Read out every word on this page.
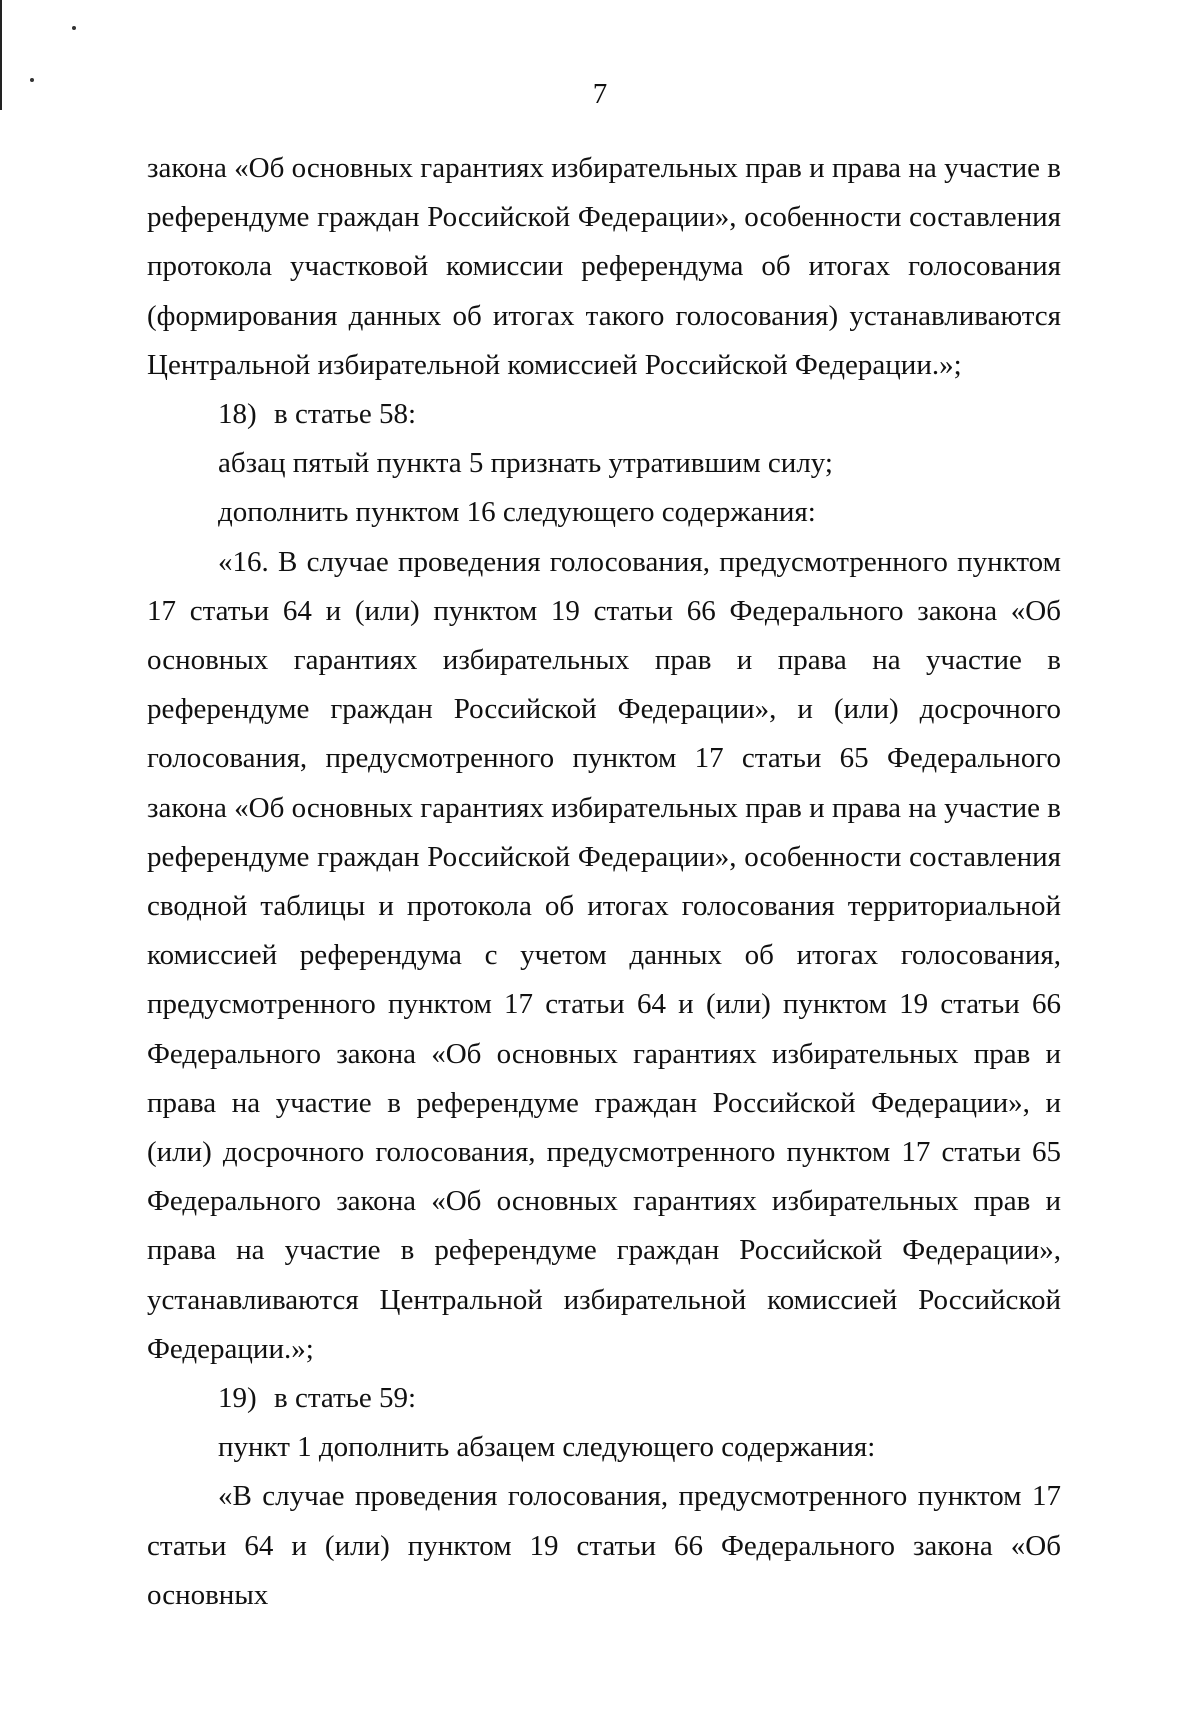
7

закона «Об основных гарантиях избирательных прав и права на участие в референдуме граждан Российской Федерации», особенности составления протокола участковой комиссии референдума об итогах голосования (формирования данных об итогах такого голосования) устанавливаются Центральной избирательной комиссией Российской Федерации.»;

18) в статье 58:

абзац пятый пункта 5 признать утратившим силу;

дополнить пунктом 16 следующего содержания:

«16. В случае проведения голосования, предусмотренного пунктом 17 статьи 64 и (или) пунктом 19 статьи 66 Федерального закона «Об основных гарантиях избирательных прав и права на участие в референдуме граждан Российской Федерации», и (или) досрочного голосования, предусмотренного пунктом 17 статьи 65 Федерального закона «Об основных гарантиях избирательных прав и права на участие в референдуме граждан Российской Федерации», особенности составления сводной таблицы и протокола об итогах голосования территориальной комиссией референдума с учетом данных об итогах голосования, предусмотренного пунктом 17 статьи 64 и (или) пунктом 19 статьи 66 Федерального закона «Об основных гарантиях избирательных прав и права на участие в референдуме граждан Российской Федерации», и (или) досрочного голосования, предусмотренного пунктом 17 статьи 65 Федерального закона «Об основных гарантиях избирательных прав и права на участие в референдуме граждан Российской Федерации», устанавливаются Центральной избирательной комиссией Российской Федерации.»;

19) в статье 59:

пункт 1 дополнить абзацем следующего содержания:

«В случае проведения голосования, предусмотренного пунктом 17 статьи 64 и (или) пунктом 19 статьи 66 Федерального закона «Об основных
